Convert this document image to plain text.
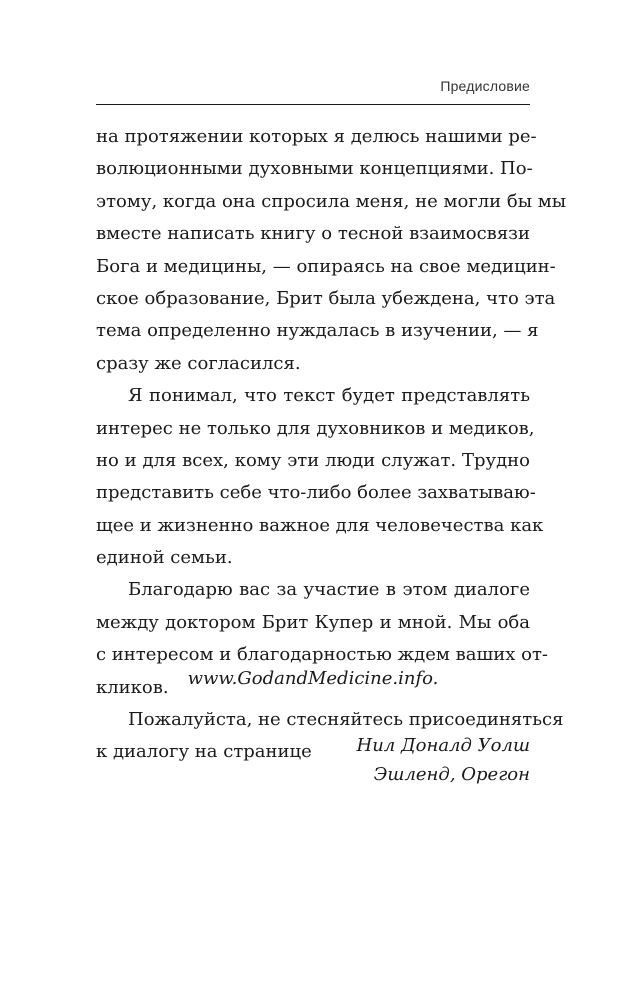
Предисловие
на протяжении которых я делюсь нашими ре-
волюционными духовными концепциями. По-
этому, когда она спросила меня, не могли бы мы
вместе написать книгу о тесной взаимосвязи
Бога и медицины, — опираясь на свое медицин-
ское образование, Брит была убеждена, что эта
тема определенно нуждалась в изучении, — я
сразу же согласился.
Я понимал, что текст будет представлять
интерес не только для духовников и медиков,
но и для всех, кому эти люди служат. Трудно
представить себе что-либо более захватываю-
щее и жизненно важное для человечества как
единой семьи.
Благодарю вас за участие в этом диалоге
между доктором Брит Купер и мной. Мы оба
с интересом и благодарностью ждем ваших от-
кликов.
Пожалуйста, не стесняйтесь присоединяться
к диалогу на странице
www.GodandMedicine.info.
Нил Доналд Уолш
Эшленд, Орегон
